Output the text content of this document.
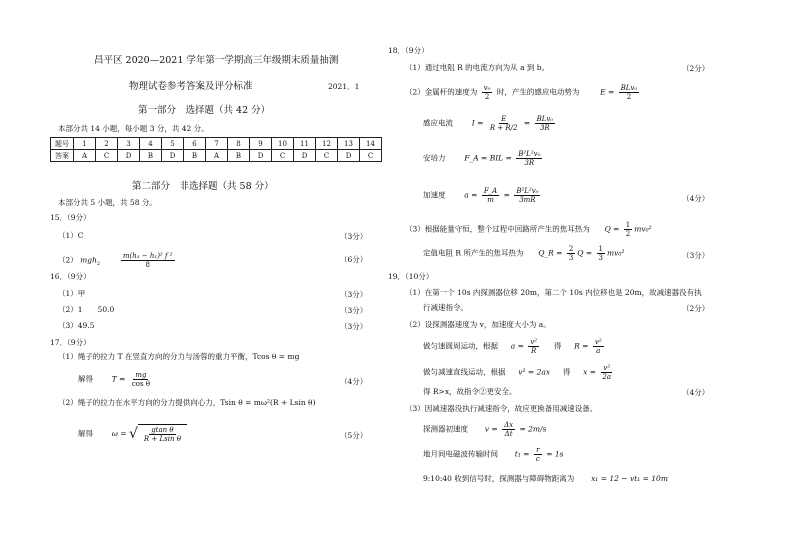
昌平区 2020—2021 学年第一学期高三年级期末质量抽测
物理试卷参考答案及评分标准	2021．1
第一部分　选择题（共 42 分）
本部分共 14 小题，每小题 3 分，共 42 分。
题号	1	2	3	4	5	6	7	8	9	10	11	12	13	14
答案	A	C	D	B	D	B	A	B	D	C	D	C	D	C
第二部分　非选择题（共 58 分）
本部分共 5 小题，共 58 分。
15．（9分）
（1）C	（3分）
（2） mgh$_2$	$\frac{\text{m(h₃ − h₁)² f ²}}{8}$	（6分）
16．（9分）
（1）甲	（3分）
（2）1　　50.0	（3分）
（3）49.5	（3分）
17．（9分）
（1）绳子的拉力 T 在竖直方向的分力与汤蓉的重力平衡，Tcos θ = mg
解得	$T = \frac{mg}{\text{cos θ}}$	（4分）
（2）绳子的拉力在水平方向的分力提供向心力，Tsin θ = mω²(R + Lsin θ)
解得	ω = √ $\frac{\text{gtan θ}}{\text{R + Lsin θ}}$	（5分）
18．（9分）
（1）通过电阻 R 的电流方向为从 a 到 b。	（2分）
（2）金属杆的速度为 $\frac{\text{v₀}}{2}$ 时，产生的感应电动势为	$E = \frac{\text{BLv₀}}{2}$
感应电流	$I = \frac{E}{R + R/2} = \frac{\text{BLv₀}}{3R}$
安培力	F_A = BIL = $\frac{\text{B²L²v₀}}{3R}$
加速度	$a = \frac{F\_A}{m} = \frac{\text{B²L²v₀}}{3mR}$	（4分）
（3）根据能量守恒，整个过程中回路所产生的焦耳热为 $Q = \frac{1}{2} mv_0^2$
定值电阻 R 所产生的焦耳热为 Q_R = $\frac{2}{3}$ $Q = \frac{1}{3} mv_0^2$	（3分）
19．（10分）
（1）在第一个 10s 内探测器位移 20m，第二个 10s 内位移也是 20m，故减速器没有执
行减速指令。	（2分）
（2）设探测器速度为 v，加速度大小为 a。
做匀速圆周运动，根据 $a = \frac{\text{v²}}{R}$ 得 $R = \frac{\text{v²}}{a}$
做匀减速直线运动，根据 v² = 2ax 得 $x = \frac{\text{v²}}{2a}$
得 R>x，故指令②更安全。	（4分）
（3）因减速器没执行减速指令，故应更换备用减速设备。
探测器初速度 $v = \frac{\Delta x}{\Delta t} = 2m/s$
地月间电磁波传输时间 $t_1 = \frac{r}{c} = 1s$
9:10:40 收到信号时，探测器与障碍物距离为 x₁ = 12 − vt₁ = 10m
